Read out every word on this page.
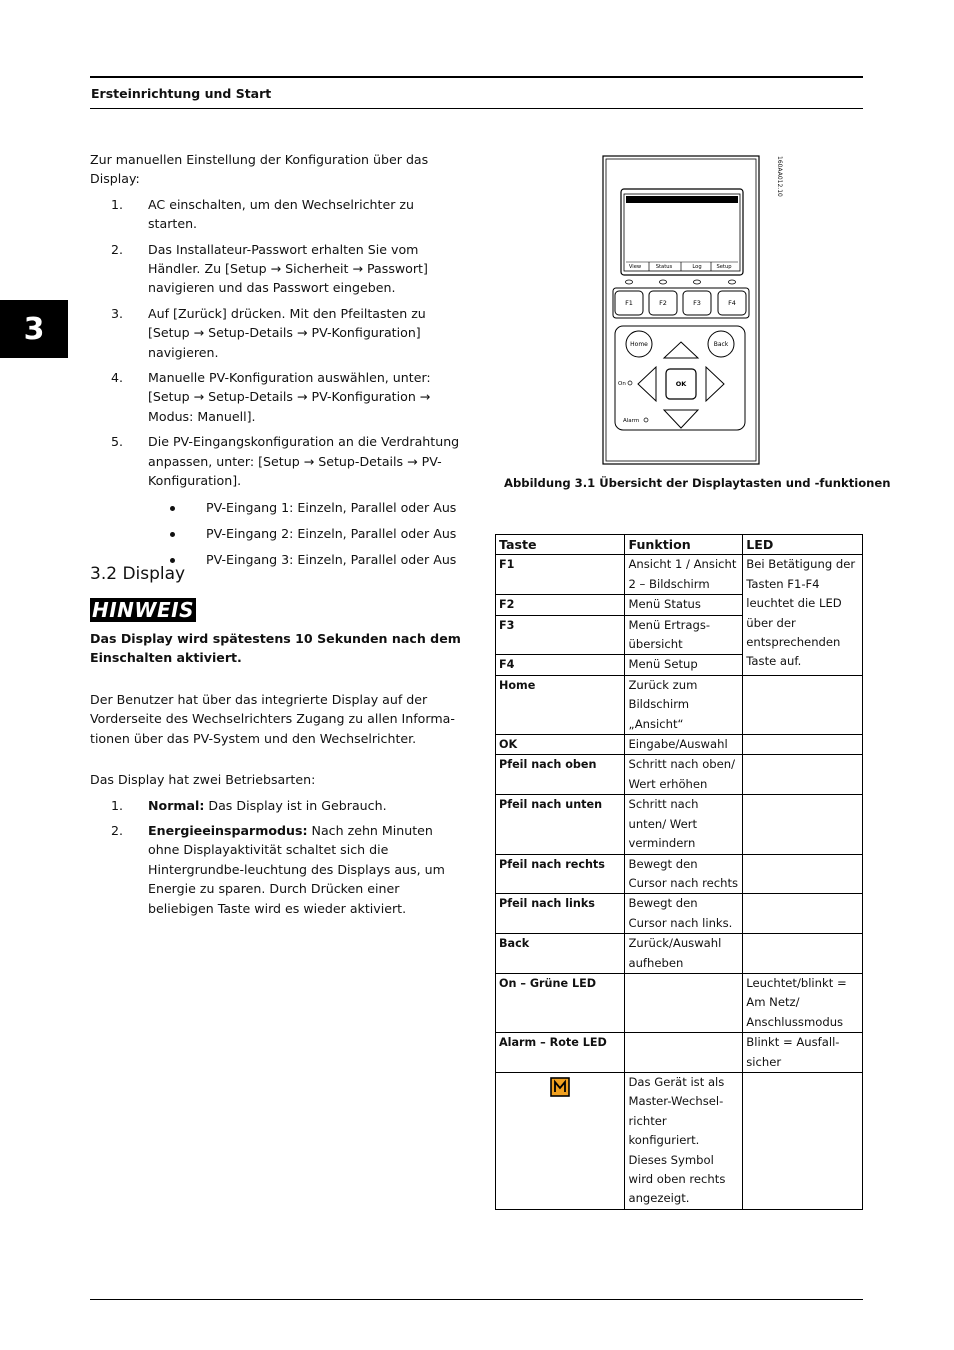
Ersteinrichtung und Start
3

Zur manuellen Einstellung der Konfiguration über das Display:

1. AC einschalten, um den Wechselrichter zu starten.
2. Das Installateur-Passwort erhalten Sie vom Händler. Zu [Setup → Sicherheit → Passwort] navigieren und das Passwort eingeben.
3. Auf [Zurück] drücken. Mit den Pfeiltasten zu [Setup → Setup-Details → PV-Konfiguration] navigieren.
4. Manuelle PV-Konfiguration auswählen, unter: [Setup → Setup-Details → PV-Konfiguration → Modus: Manuell].
5. Die PV-Eingangskonfiguration an die Verdrahtung anpassen, unter: [Setup → Setup-Details → PV-Konfiguration].
PV-Eingang 1: Einzeln, Parallel oder Aus
PV-Eingang 2: Einzeln, Parallel oder Aus
PV-Eingang 3: Einzeln, Parallel oder Aus
3.2 Display
HINWEIS
Das Display wird spätestens 10 Sekunden nach dem Einschalten aktiviert.

Der Benutzer hat über das integrierte Display auf der Vorderseite des Wechselrichters Zugang zu allen Informa-tionen über das PV-System und den Wechselrichter.

Das Display hat zwei Betriebsarten:

1. Normal: Das Display ist in Gebrauch.
2. Energieeinsparmodus: Nach zehn Minuten ohne Displayaktivität schaltet sich die Hintergrundbe-leuchtung des Displays aus, um Energie zu sparen. Durch Drücken einer beliebigen Taste wird es wieder aktiviert.
View	Status	Log	Setup
F1	F2	F3	F4
Home	Back
OK
On
Alarm
160AA012.10
Abbildung 3.1 Übersicht der Displaytasten und -funktionen
Taste	Funktion	LED
F1	Ansicht 1 / Ansicht 2 – Bildschirm	Bei Betätigung der Tasten F1-F4 leuchtet die LED über der entsprechenden Taste auf.
F2	Menü Status	
F3	Menü Ertrags-übersicht	
F4	Menü Setup	
Home	Zurück zum Bildschirm „Ansicht“	
OK	Eingabe/Auswahl	
Pfeil nach oben	Schritt nach oben/ Wert erhöhen	
Pfeil nach unten	Schritt nach unten/ Wert vermindern	
Pfeil nach rechts	Bewegt den Cursor nach rechts	
Pfeil nach links	Bewegt den Cursor nach links.	
Back	Zurück/Auswahl aufheben	
On – Grüne LED		Leuchtet/blinkt = Am Netz/ Anschlussmodus
Alarm – Rote LED		Blinkt = Ausfall-sicher
	Das Gerät ist als Master-Wechsel-richter konfiguriert. Dieses Symbol wird oben rechts angezeigt.	
